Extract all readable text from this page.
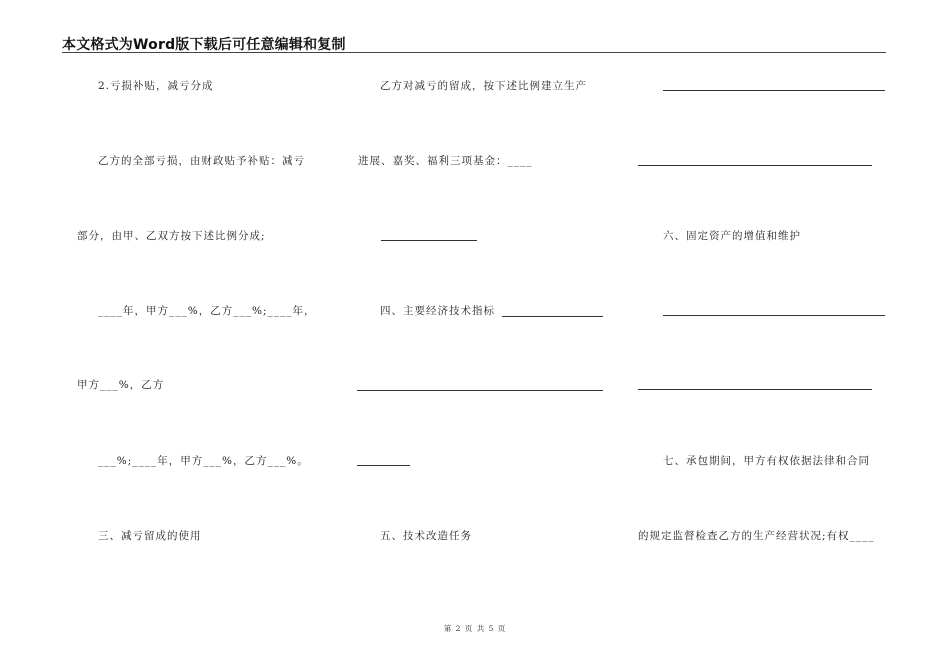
本文格式为Word版下载后可任意编辑和复制
2.亏损补贴，减亏分成
乙方的全部亏损，由财政贴予补贴：减亏
部分，由甲、乙双方按下述比例分成;
____年，甲方___%，乙方___%;____年，
甲方___%，乙方
___%;____年，甲方___%，乙方___%。
三、减亏留成的使用
乙方对减亏的留成，按下述比例建立生产
进展、嘉奖、福利三项基金：____
四、主要经济技术指标
五、技术改造任务
六、固定资产的增值和维护
七、承包期间，甲方有权依据法律和合同
的规定监督检查乙方的生产经营状况;有权____
第 2 页 共 5 页
